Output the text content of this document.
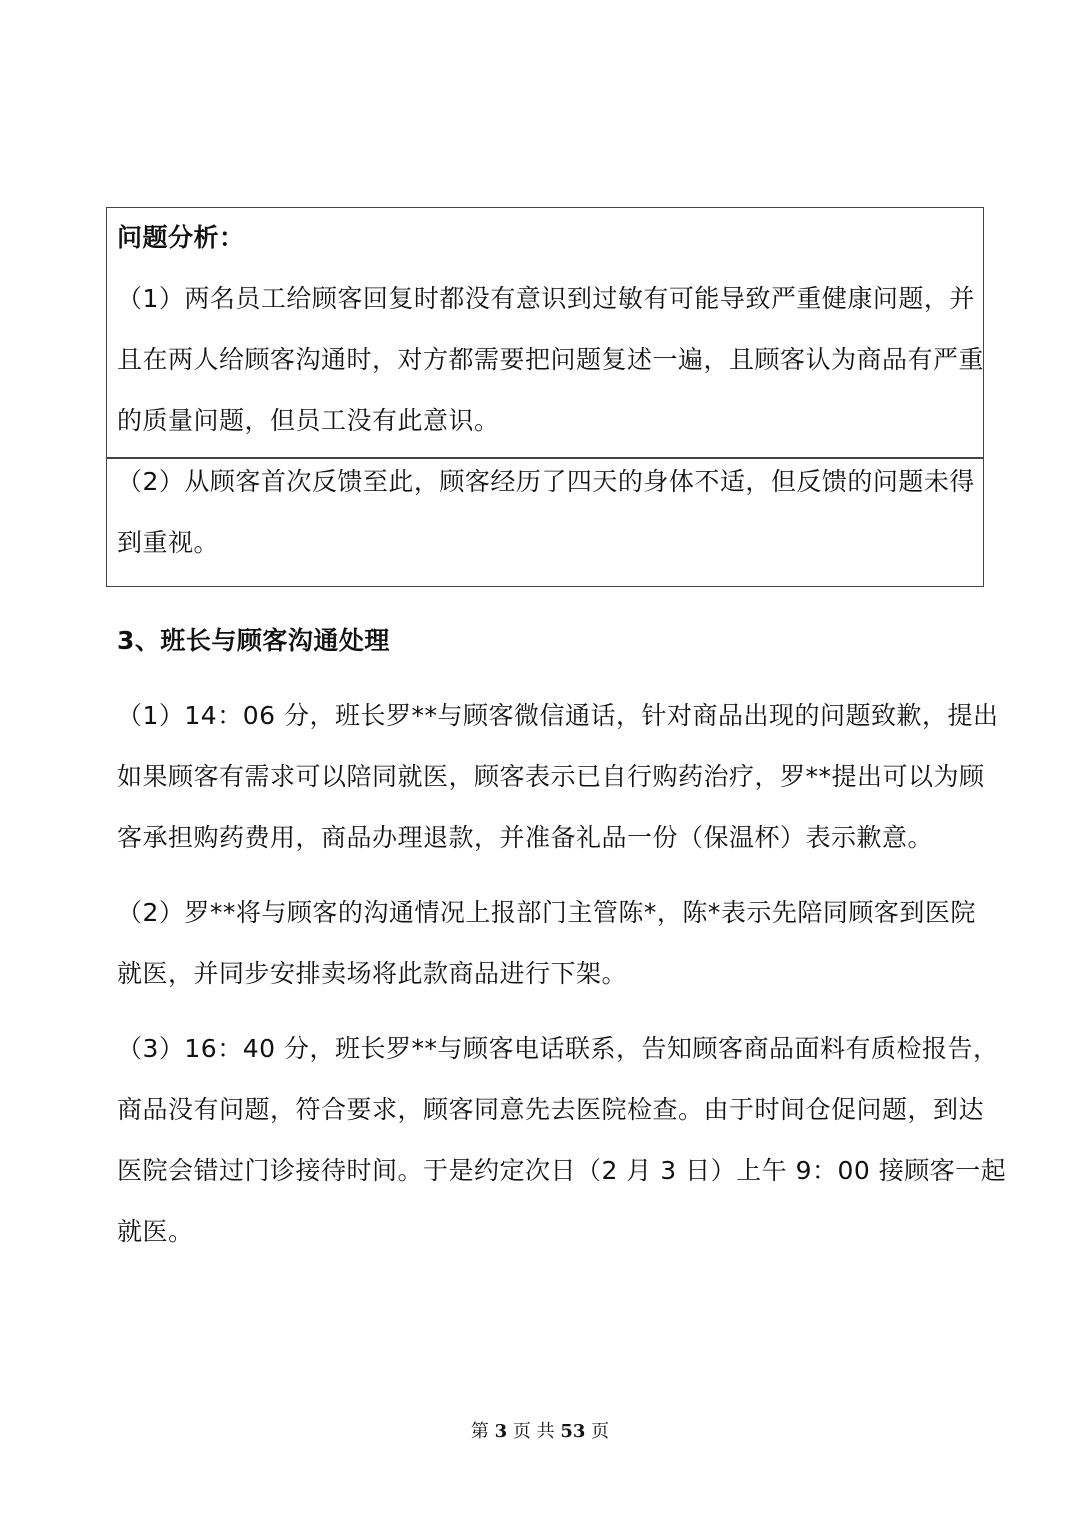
问题分析：
（1）两名员工给顾客回复时都没有意识到过敏有可能导致严重健康问题，并
且在两人给顾客沟通时，对方都需要把问题复述一遍，且顾客认为商品有严重
的质量问题，但员工没有此意识。
（2）从顾客首次反馈至此，顾客经历了四天的身体不适，但反馈的问题未得
到重视。
3、班长与顾客沟通处理
（1）14：06 分，班长罗**与顾客微信通话，针对商品出现的问题致歉，提出
如果顾客有需求可以陪同就医，顾客表示已自行购药治疗，罗**提出可以为顾
客承担购药费用，商品办理退款，并准备礼品一份（保温杯）表示歉意。
（2）罗**将与顾客的沟通情况上报部门主管陈*，陈*表示先陪同顾客到医院
就医，并同步安排卖场将此款商品进行下架。
（3）16：40 分，班长罗**与顾客电话联系，告知顾客商品面料有质检报告，
商品没有问题，符合要求，顾客同意先去医院检查。由于时间仓促问题，到达
医院会错过门诊接待时间。于是约定次日（2 月 3 日）上午 9：00 接顾客一起
就医。
第 3 页 共 53 页
